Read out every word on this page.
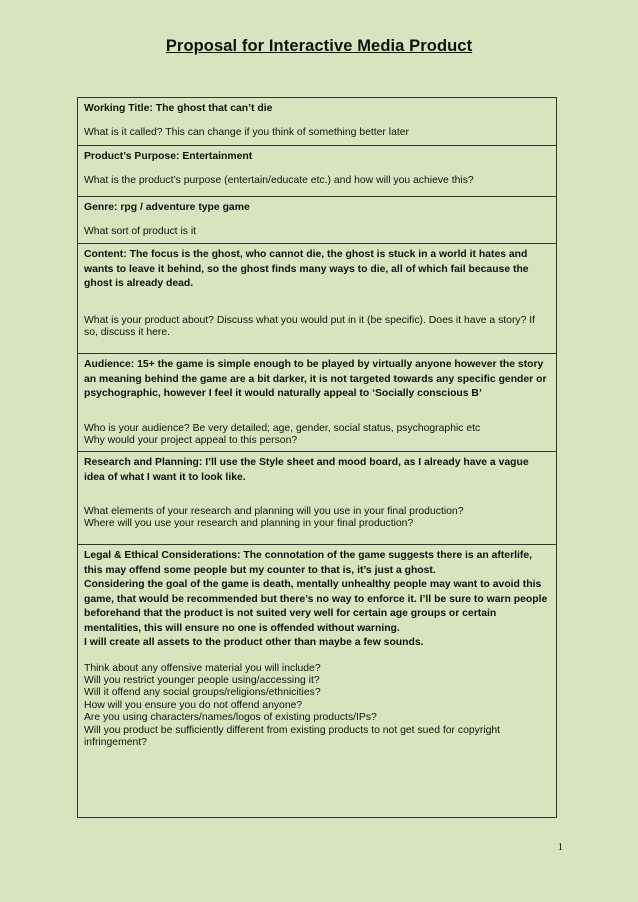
Proposal for Interactive Media Product
Working Title: The ghost that can’t die
What is it called? This can change if you think of something better later
Product’s Purpose: Entertainment
What is the product’s purpose (entertain/educate etc.) and how will you achieve this?
Genre: rpg / adventure type game
What sort of product is it
Content: The focus is the ghost, who cannot die, the ghost is stuck in a world it hates and wants to leave it behind, so the ghost finds many ways to die, all of which fail because the ghost is already dead.
What is your product about? Discuss what you would put in it (be specific). Does it have a story? If so, discuss it here.
Audience: 15+ the game is simple enough to be played by virtually anyone however the story an meaning behind the game are a bit darker, it is not targeted towards any specific gender or psychographic, however I feel it would naturally appeal to ‘Socially conscious B’
Who is your audience? Be very detailed; age, gender, social status, psychographic etc
Why would your project appeal to this person?
Research and Planning: I’ll use the Style sheet and mood board, as I already have a vague idea of what I want it to look like.
What elements of your research and planning will you use in your final production?
Where will you use your research and planning in your final production?
Legal & Ethical Considerations: The connotation of the game suggests there is an afterlife, this may offend some people but my counter to that is, it’s just a ghost.
Considering the goal of the game is death, mentally unhealthy people may want to avoid this game, that would be recommended but there’s no way to enforce it. I’ll be sure to warn people beforehand that the product is not suited very well for certain age groups or certain mentalities, this will ensure no one is offended without warning.
I will create all assets to the product other than maybe a few sounds.
Think about any offensive material you will include?
Will you restrict younger people using/accessing it?
Will it offend any social groups/religions/ethnicities?
How will you ensure you do not offend anyone?
Are you using characters/names/logos of existing products/IPs?
Will you product be sufficiently different from existing products to not get sued for copyright infringement?
1
